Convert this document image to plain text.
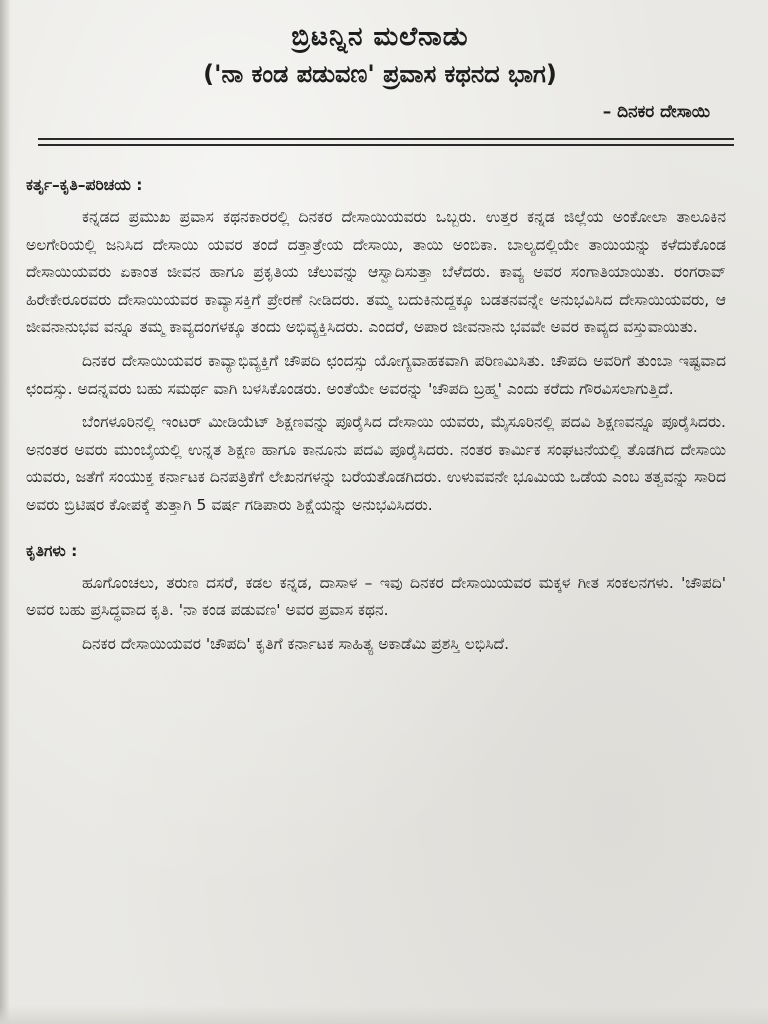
ಬ್ರಿಟನ್ನಿನ ಮಲೆನಾಡು
('ನಾ ಕಂಡ ಪಡುವಣ' ಪ್ರವಾಸ ಕಥನದ ಭಾಗ)

– ದಿನಕರ ದೇಸಾಯಿ

ಕರ್ತೃ–ಕೃತಿ–ಪರಿಚಯ :

ಕನ್ನಡದ ಪ್ರಮುಖ ಪ್ರವಾಸ ಕಥನಕಾರರಲ್ಲಿ ದಿನಕರ ದೇಸಾಯಿಯವರು ಒಬ್ಬರು. ಉತ್ತರ ಕನ್ನಡ ಜಿಲ್ಲೆಯ ಅಂಕೋಲಾ ತಾಲೂಕಿನ ಅಲಗೇರಿಯಲ್ಲಿ ಜನಿಸಿದ ದೇಸಾಯಿ ಯವರ ತಂದೆ ದತ್ತಾತ್ರೇಯ ದೇಸಾಯಿ, ತಾಯಿ ಅಂಬಿಕಾ. ಬಾಲ್ಯದಲ್ಲಿಯೇ ತಾಯಿಯನ್ನು ಕಳೆದುಕೊಂಡ ದೇಸಾಯಿಯವರು ಏಕಾಂತ ಜೀವನ ಹಾಗೂ ಪ್ರಕೃತಿಯ ಚೆಲುವನ್ನು ಆಸ್ವಾದಿಸುತ್ತಾ ಬೆಳೆದರು. ಕಾವ್ಯ ಅವರ ಸಂಗಾತಿಯಾಯಿತು. ರಂಗರಾವ್ ಹಿರೇಕೇರೂರವರು ದೇಸಾಯಿಯವರ ಕಾವ್ಯಾಸಕ್ತಿಗೆ ಪ್ರೇರಣೆ ನೀಡಿದರು. ತಮ್ಮ ಬದುಕಿನುದ್ದಕ್ಕೂ ಬಡತನವನ್ನೇ ಅನುಭವಿಸಿದ ದೇಸಾಯಿಯವರು, ಆ ಜೀವನಾನುಭವ ವನ್ನೂ ತಮ್ಮ ಕಾವ್ಯದಂಗಳಕ್ಕೂ ತಂದು ಅಭಿವ್ಯಕ್ತಿಸಿದರು. ಎಂದರೆ, ಅಪಾರ ಜೀವನಾನು ಭವವೇ ಅವರ ಕಾವ್ಯದ ವಸ್ತುವಾಯಿತು.

ದಿನಕರ ದೇಸಾಯಿಯವರ ಕಾವ್ಯಾಭಿವ್ಯಕ್ತಿಗೆ ಚೌಪದಿ ಛಂದಸ್ಸು ಯೋಗ್ಯವಾಹಕವಾಗಿ ಪರಿಣಮಿಸಿತು. ಚೌಪದಿ ಅವರಿಗೆ ತುಂಬಾ ಇಷ್ಟವಾದ ಛಂದಸ್ಸು. ಅದನ್ನವರು ಬಹು ಸಮರ್ಥ ವಾಗಿ ಬಳಸಿಕೊಂಡರು. ಅಂತೆಯೇ ಅವರನ್ನು 'ಚೌಪದಿ ಬ್ರಹ್ಮ' ಎಂದು ಕರೆದು ಗೌರವಿಸಲಾಗುತ್ತಿದೆ.

ಬೆಂಗಳೂರಿನಲ್ಲಿ ಇಂಟರ್ ಮೀಡಿಯೆಟ್ ಶಿಕ್ಷಣವನ್ನು ಪೂರೈಸಿದ ದೇಸಾಯಿ ಯವರು, ಮೈಸೂರಿನಲ್ಲಿ ಪದವಿ ಶಿಕ್ಷಣವನ್ನೂ ಪೂರೈಸಿದರು. ಅನಂತರ ಅವರು ಮುಂಬೈಯಲ್ಲಿ ಉನ್ನತ ಶಿಕ್ಷಣ ಹಾಗೂ ಕಾನೂನು ಪದವಿ ಪೂರೈಸಿದರು. ನಂತರ ಕಾರ್ಮಿಕ ಸಂಘಟನೆಯಲ್ಲಿ ತೊಡಗಿದ ದೇಸಾಯಿ ಯವರು, ಜತೆಗೆ ಸಂಯುಕ್ತ ಕರ್ನಾಟಕ ದಿನಪತ್ರಿಕೆಗೆ ಲೇಖನಗಳನ್ನು ಬರೆಯತೊಡಗಿದರು. ಉಳುವವನೇ ಭೂಮಿಯ ಒಡೆಯ ಎಂಬ ತತ್ವವನ್ನು ಸಾರಿದ ಅವರು ಬ್ರಿಟಿಷರ ಕೋಪಕ್ಕೆ ತುತ್ತಾಗಿ 5 ವರ್ಷ ಗಡಿಪಾರು ಶಿಕ್ಷೆಯನ್ನು ಅನುಭವಿಸಿದರು.

ಕೃತಿಗಳು :

ಹೂಗೊಂಚಲು, ತರುಣ ದಸರೆ, ಕಡಲ ಕನ್ನಡ, ದಾಸಾಳ – ಇವು ದಿನಕರ ದೇಸಾಯಿಯವರ ಮಕ್ಕಳ ಗೀತ ಸಂಕಲನಗಳು. 'ಚೌಪದಿ' ಅವರ ಬಹು ಪ್ರಸಿದ್ಧವಾದ ಕೃತಿ. 'ನಾ ಕಂಡ ಪಡುವಣ' ಅವರ ಪ್ರವಾಸ ಕಥನ.

ದಿನಕರ ದೇಸಾಯಿಯವರ 'ಚೌಪದಿ' ಕೃತಿಗೆ ಕರ್ನಾಟಕ ಸಾಹಿತ್ಯ ಅಕಾಡೆಮಿ ಪ್ರಶಸ್ತಿ ಲಭಿಸಿದೆ.
